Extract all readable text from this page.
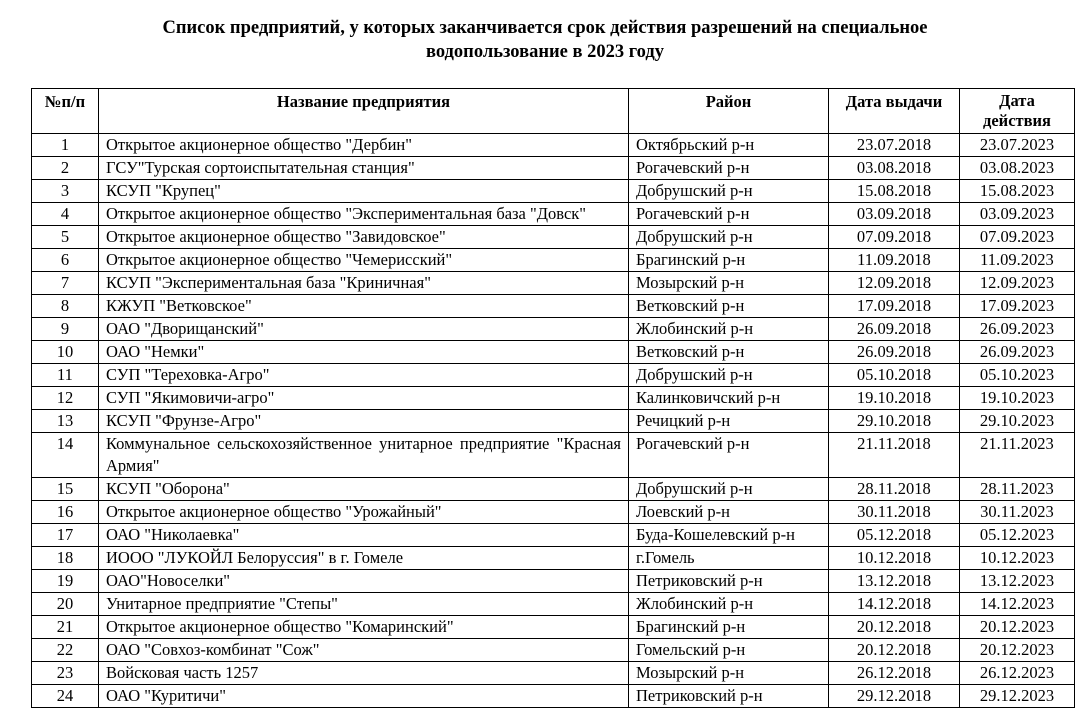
Список предприятий, у которых заканчивается срок действия разрешений на специальное
водопользование в 2023 году
№п/п	Название предприятия	Район	Дата выдачи	Дата
действия

1	Открытое акционерное общество "Дербин"	Октябрьский р-н	23.07.2018	23.07.2023
2	ГСУ"Турская сортоиспытательная станция"	Рогачевский р-н	03.08.2018	03.08.2023
3	КСУП "Крупец"	Добрушский р-н	15.08.2018	15.08.2023
4	Открытое акционерное общество "Экспериментальная база "Довск"	Рогачевский р-н	03.09.2018	03.09.2023
5	Открытое акционерное общество "Завидовское"	Добрушский р-н	07.09.2018	07.09.2023
6	Открытое акционерное общество "Чемерисский"	Брагинский р-н	11.09.2018	11.09.2023
7	КСУП "Экспериментальная база "Криничная"	Мозырский р-н	12.09.2018	12.09.2023
8	КЖУП "Ветковское"	Ветковский р-н	17.09.2018	17.09.2023
9	ОАО "Дворищанский"	Жлобинский р-н	26.09.2018	26.09.2023
10	ОАО "Немки"	Ветковский р-н	26.09.2018	26.09.2023
11	СУП "Тереховка-Агро"	Добрушский р-н	05.10.2018	05.10.2023
12	СУП "Якимовичи-агро"	Калинковичский р-н	19.10.2018	19.10.2023
13	КСУП "Фрунзе-Агро"	Речицкий р-н	29.10.2018	29.10.2023
14	Коммунальное сельскохозяйственное унитарное предприятие "Красная Армия"	Рогачевский р-н	21.11.2018	21.11.2023
15	КСУП "Оборона"	Добрушский р-н	28.11.2018	28.11.2023
16	Открытое акционерное общество "Урожайный"	Лоевский р-н	30.11.2018	30.11.2023
17	ОАО "Николаевка"	Буда-Кошелевский р-н	05.12.2018	05.12.2023
18	ИООО "ЛУКОЙЛ Белоруссия" в г. Гомеле	г.Гомель	10.12.2018	10.12.2023
19	ОАО"Новоселки"	Петриковский р-н	13.12.2018	13.12.2023
20	Унитарное предприятие "Степы"	Жлобинский р-н	14.12.2018	14.12.2023
21	Открытое акционерное общество "Комаринский"	Брагинский р-н	20.12.2018	20.12.2023
22	ОАО "Совхоз-комбинат "Сож"	Гомельский р-н	20.12.2018	20.12.2023
23	Войсковая часть 1257	Мозырский р-н	26.12.2018	26.12.2023
24	ОАО "Куритичи"	Петриковский р-н	29.12.2018	29.12.2023
